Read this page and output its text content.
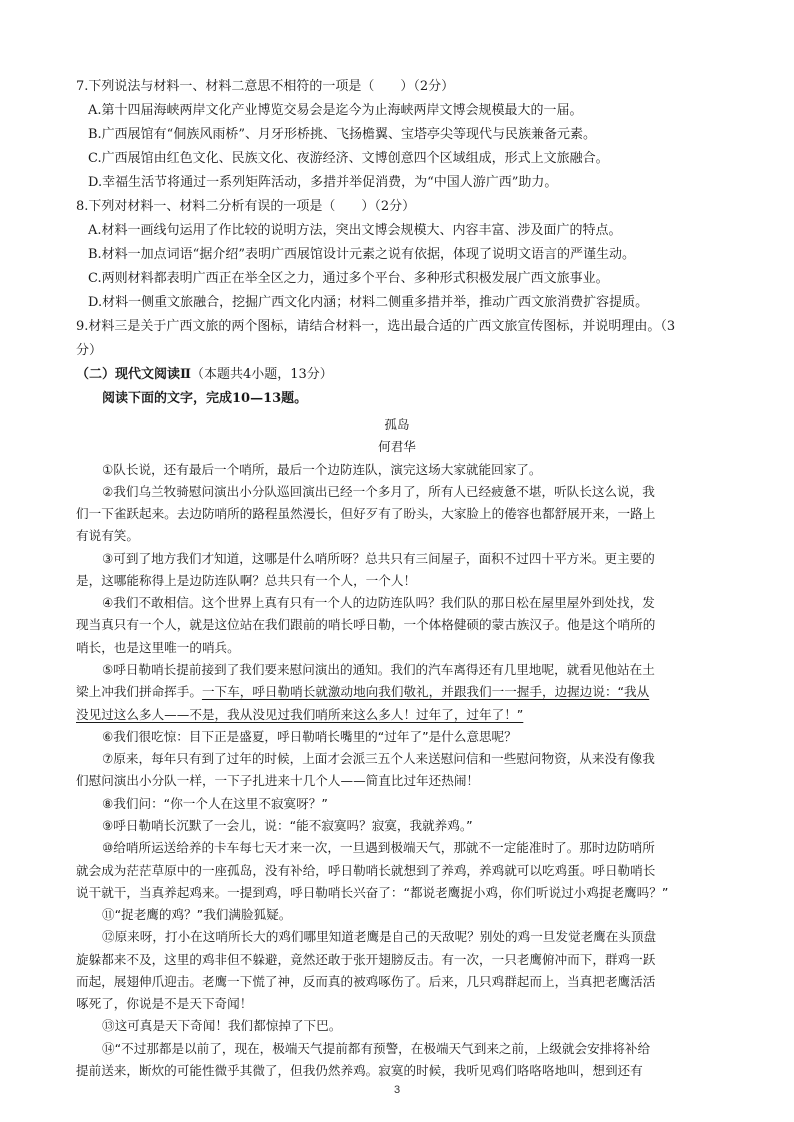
7.下列说法与材料一、材料二意思不相符的一项是（　　）（2分）
A.第十四届海峡两岸文化产业博览交易会是迄今为止海峡两岸文博会规模最大的一届。
B.广西展馆有“侗族风雨桥”、月牙形桥挑、飞扬檐翼、宝塔亭尖等现代与民族兼备元素。
C.广西展馆由红色文化、民族文化、夜游经济、文博创意四个区域组成，形式上文旅融合。
D.幸福生活节将通过一系列矩阵活动，多措并举促消费，为“中国人游广西”助力。
8.下列对材料一、材料二分析有误的一项是（　　）（2分）
A.材料一画线句运用了作比较的说明方法，突出文博会规模大、内容丰富、涉及面广的特点。
B.材料一加点词语“据介绍”表明广西展馆设计元素之说有依据，体现了说明文语言的严谨生动。
C.两则材料都表明广西正在举全区之力，通过多个平台、多种形式积极发展广西文旅事业。
D.材料一侧重文旅融合，挖掘广西文化内涵；材料二侧重多措并举，推动广西文旅消费扩容提质。
9.材料三是关于广西文旅的两个图标，请结合材料一，选出最合适的广西文旅宣传图标，并说明理由。（3
分）
（二）现代文阅读Ⅱ（本题共4小题，13分）
阅读下面的文字，完成10—13题。
孤岛
何君华
①队长说，还有最后一个哨所，最后一个边防连队，演完这场大家就能回家了。
②我们乌兰牧骑慰问演出小分队巡回演出已经一个多月了，所有人已经疲惫不堪，听队长这么说，我
们一下雀跃起来。去边防哨所的路程虽然漫长，但好歹有了盼头，大家脸上的倦容也都舒展开来，一路上
有说有笑。
③可到了地方我们才知道，这哪是什么哨所呀？总共只有三间屋子，面积不过四十平方米。更主要的
是，这哪能称得上是边防连队啊？总共只有一个人，一个人！
④我们不敢相信。这个世界上真有只有一个人的边防连队吗？我们队的那日松在屋里屋外到处找，发
现当真只有一个人，就是这位站在我们跟前的哨长呼日勒，一个体格健硕的蒙古族汉子。他是这个哨所的
哨长，也是这里唯一的哨兵。
⑤呼日勒哨长提前接到了我们要来慰问演出的通知。我们的汽车离得还有几里地呢，就看见他站在土
梁上冲我们拼命挥手。一下车，呼日勒哨长就激动地向我们敬礼，并跟我们一一握手，边握边说：“我从
没见过这么多人——不是，我从没见过我们哨所来这么多人！过年了，过年了！”
⑥我们很吃惊：目下正是盛夏，呼日勒哨长嘴里的“过年了”是什么意思呢？
⑦原来，每年只有到了过年的时候，上面才会派三五个人来送慰问信和一些慰问物资，从来没有像我
们慰问演出小分队一样，一下子扎进来十几个人——简直比过年还热闹！
⑧我们问：“你一个人在这里不寂寞呀？”
⑨呼日勒哨长沉默了一会儿，说：“能不寂寞吗？寂寞，我就养鸡。”
⑩给哨所运送给养的卡车每七天才来一次，一旦遇到极端天气，那就不一定能准时了。那时边防哨所
就会成为茫茫草原中的一座孤岛，没有补给，呼日勒哨长就想到了养鸡，养鸡就可以吃鸡蛋。呼日勒哨长
说干就干，当真养起鸡来。一提到鸡，呼日勒哨长兴奋了：“都说老鹰捉小鸡，你们听说过小鸡捉老鹰吗？”
⑪“捉老鹰的鸡？”我们满脸狐疑。
⑫原来呀，打小在这哨所长大的鸡们哪里知道老鹰是自己的天敌呢？别处的鸡一旦发觉老鹰在头顶盘
旋躲都来不及，这里的鸡非但不躲避，竟然还敢于张开翅膀反击。有一次，一只老鹰俯冲而下，群鸡一跃
而起，展翅伸爪迎击。老鹰一下慌了神，反而真的被鸡啄伤了。后来，几只鸡群起而上，当真把老鹰活活
啄死了，你说是不是天下奇闻！
⑬这可真是天下奇闻！我们都惊掉了下巴。
⑭“不过那都是以前了，现在，极端天气提前都有预警，在极端天气到来之前，上级就会安排将补给
提前送来，断炊的可能性微乎其微了，但我仍然养鸡。寂寞的时候，我听见鸡们咯咯咯地叫，想到还有
3
